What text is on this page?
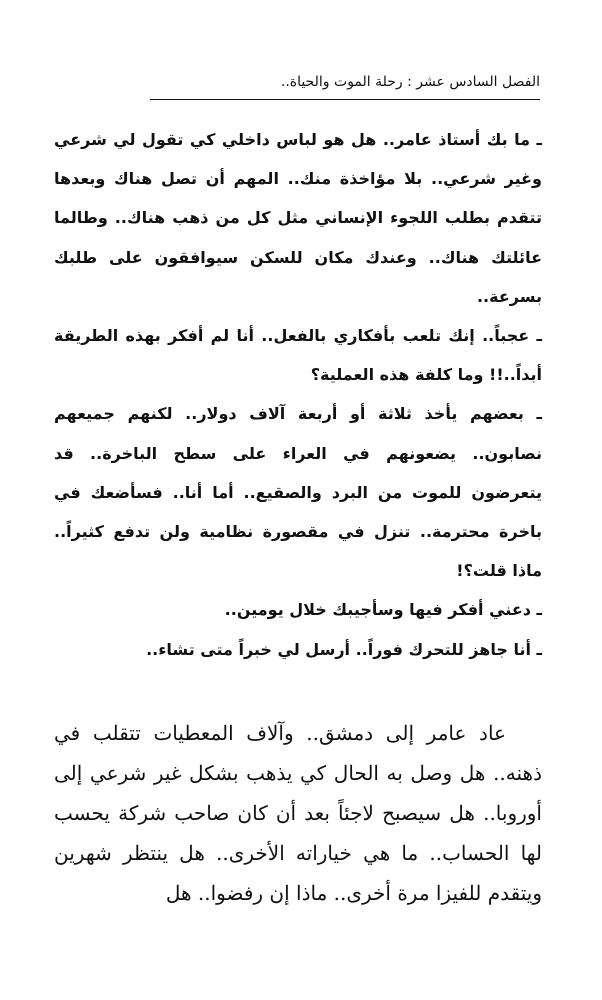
الفصل السادس عشر : رحلة الموت والحياة..

ـ ما بك أستاذ عامر.. هل هو لباس داخلي كي تقول لي شرعي وغير شرعي.. بلا مؤاخذة منك.. المهم أن تصل هناك وبعدها تتقدم بطلب اللجوء الإنساني مثل كل من ذهب هناك.. وطالما عائلتك هناك.. وعندك مكان للسكن سيوافقون على طلبك بسرعة..

ـ عجباً.. إنك تلعب بأفكاري بالفعل.. أنا لم أفكر بهذه الطريقة أبداً..!! وما كلفة هذه العملية؟

ـ بعضهم يأخذ ثلاثة أو أربعة آلاف دولار.. لكنهم جميعهم نصابون.. يضعونهم في العراء على سطح الباخرة.. قد يتعرضون للموت من البرد والصقيع.. أما أنا.. فسأضعك في باخرة محترمة.. تنزل في مقصورة نظامية ولن تدفع كثيراً.. ماذا قلت؟!

ـ دعني أفكر فيها وسأجيبك خلال يومين..

ـ أنا جاهز للتحرك فوراً.. أرسل لي خبراً متى تشاء..

عاد عامر إلى دمشق.. وآلاف المعطيات تتقلب في ذهنه.. هل وصل به الحال كي يذهب بشكل غير شرعي إلى أوروبا.. هل سيصبح لاجئاً بعد أن كان صاحب شركة يحسب لها الحساب.. ما هي خياراته الأخرى.. هل ينتظر شهرين ويتقدم للفيزا مرة أخرى.. ماذا إن رفضوا.. هل
